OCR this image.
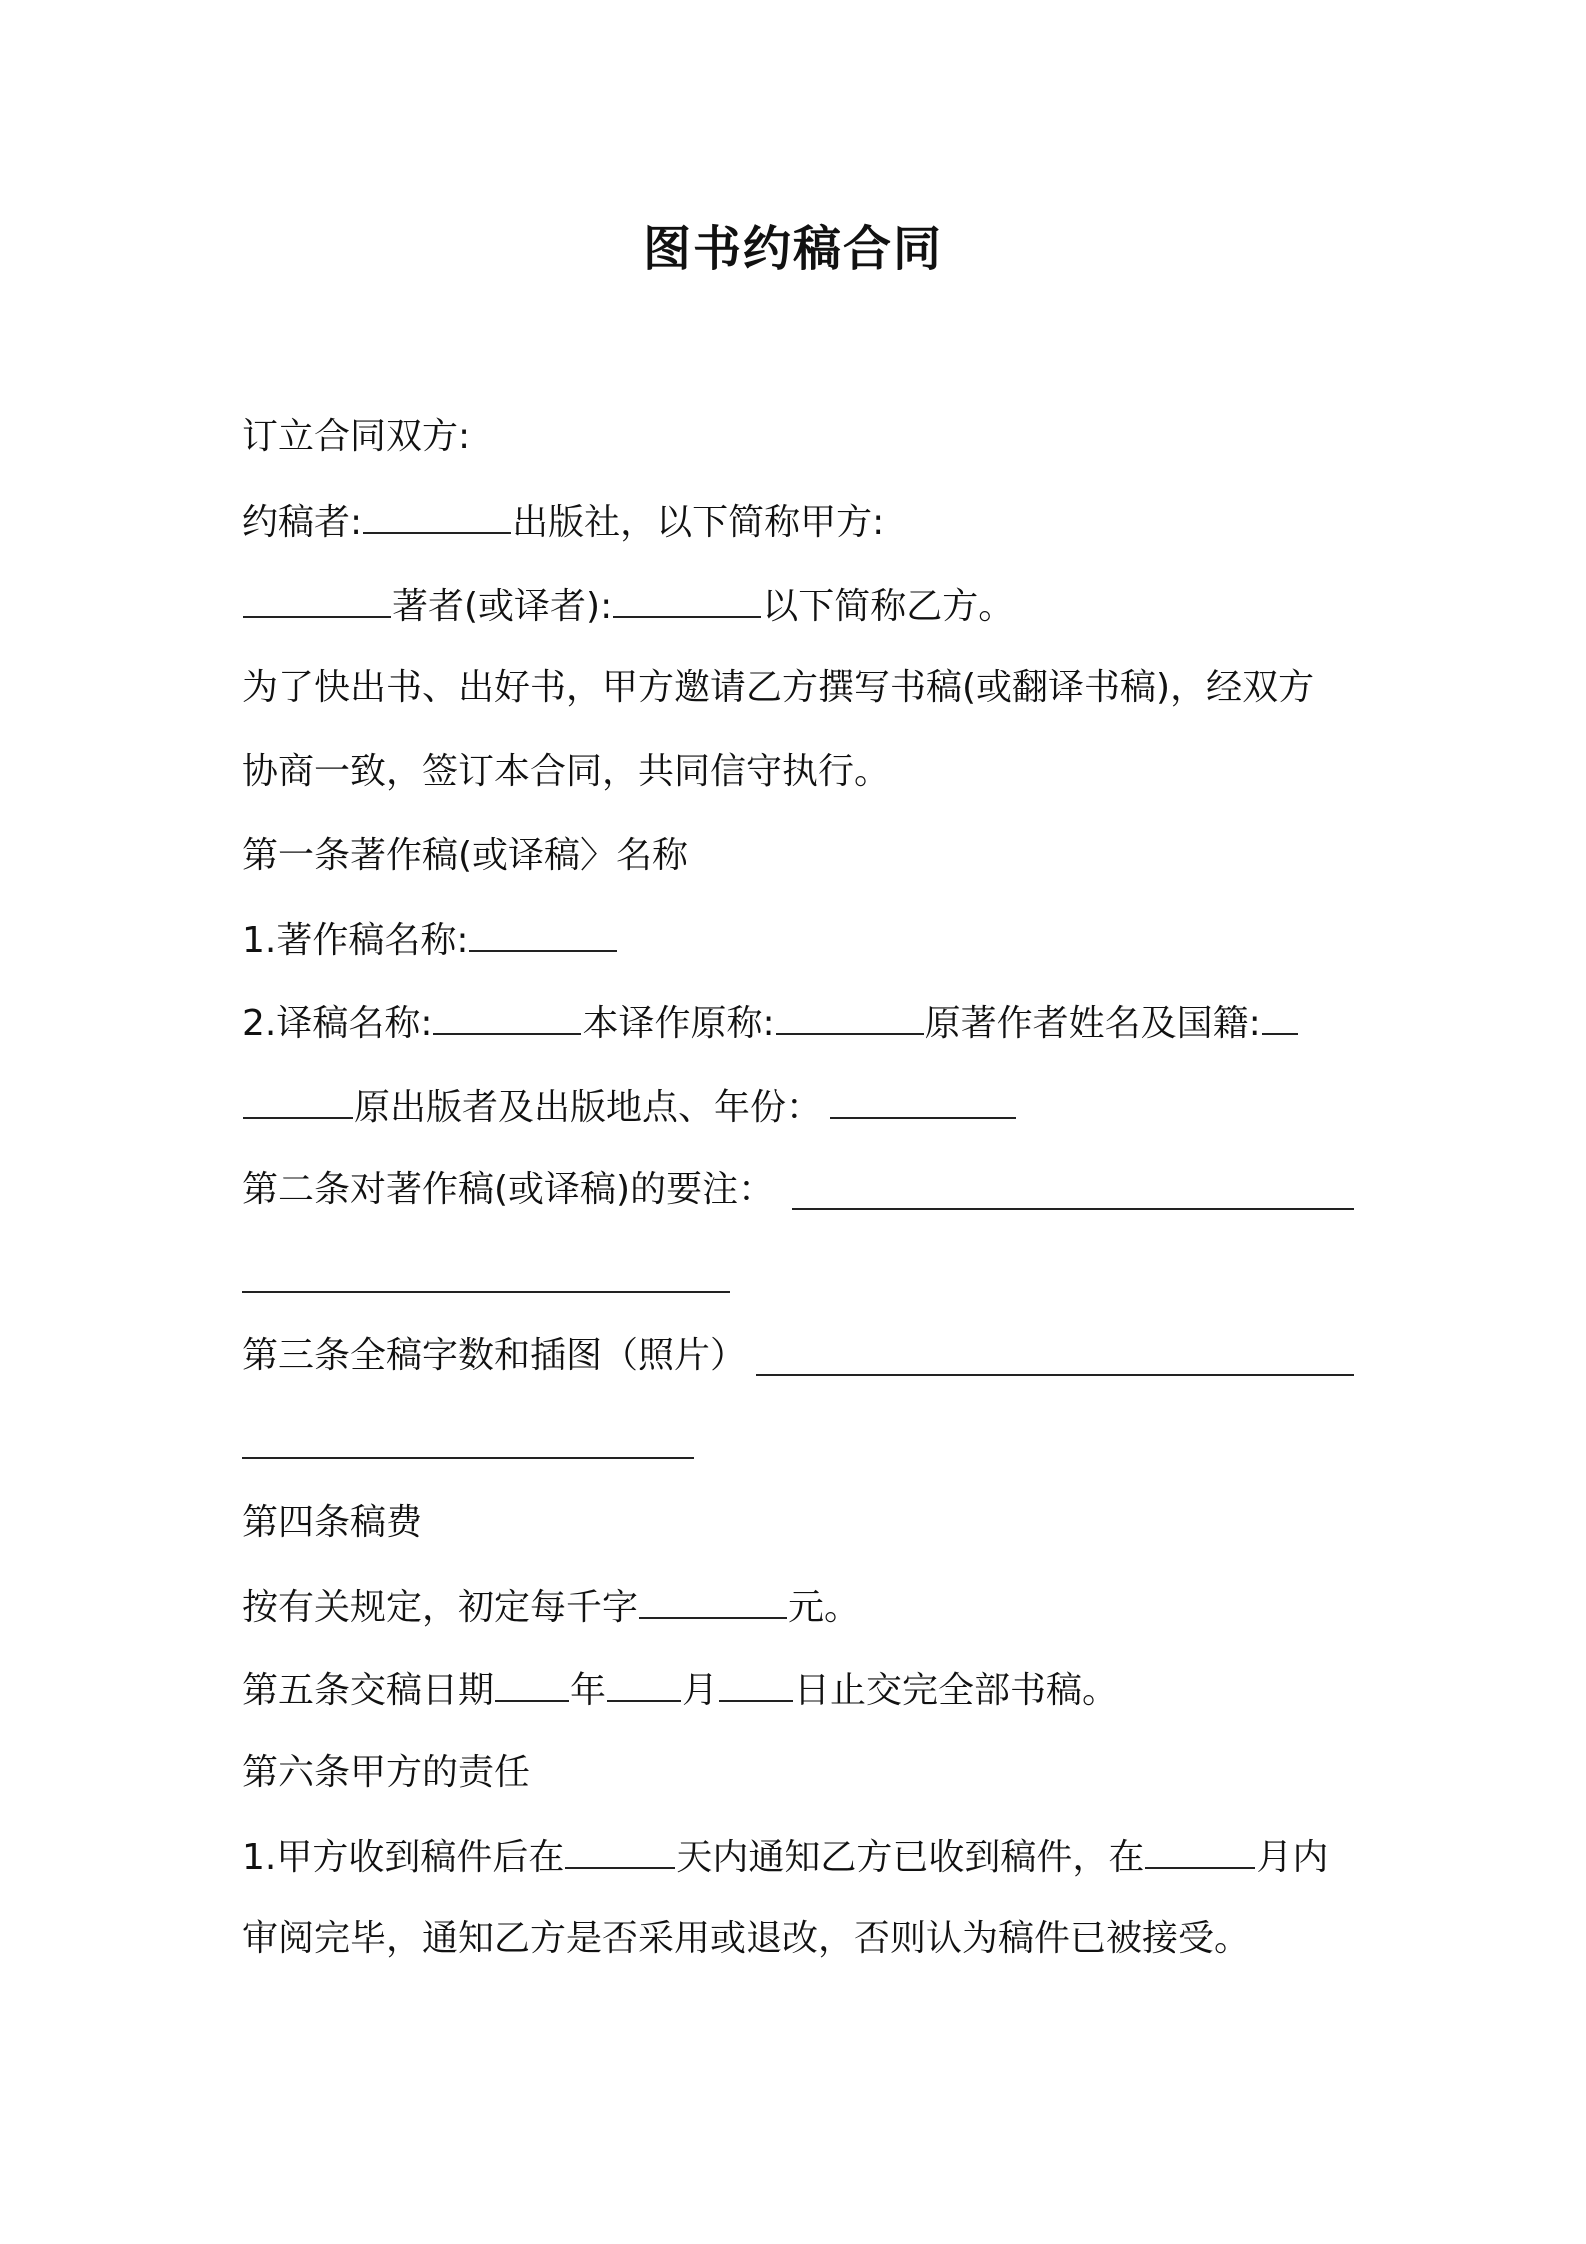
图书约稿合同
订立合同双方:
约稿者:	出版社，以下简称甲方:
著者(或译者):	以下简称乙方。
为了快出书、出好书，甲方邀请乙方撰写书稿(或翻译书稿)，经双方
协商一致，签订本合同，共同信守执行。
第一条著作稿(或译稿〉名称
1.著作稿名称:
2.译稿名称:	本译作原称:	原著作者姓名及国籍:
原出版者及出版地点、年份：
第二条对著作稿(或译稿)的要注：
第三条全稿字数和插图（照片）
第四条稿费
按有关规定，初定每千字	元。
第五条交稿日期 年 月 日止交完全部书稿。
第六条甲方的责任
1.甲方收到稿件后在	天内通知乙方已收到稿件，在	月内
审阅完毕，通知乙方是否采用或退改，否则认为稿件已被接受。
